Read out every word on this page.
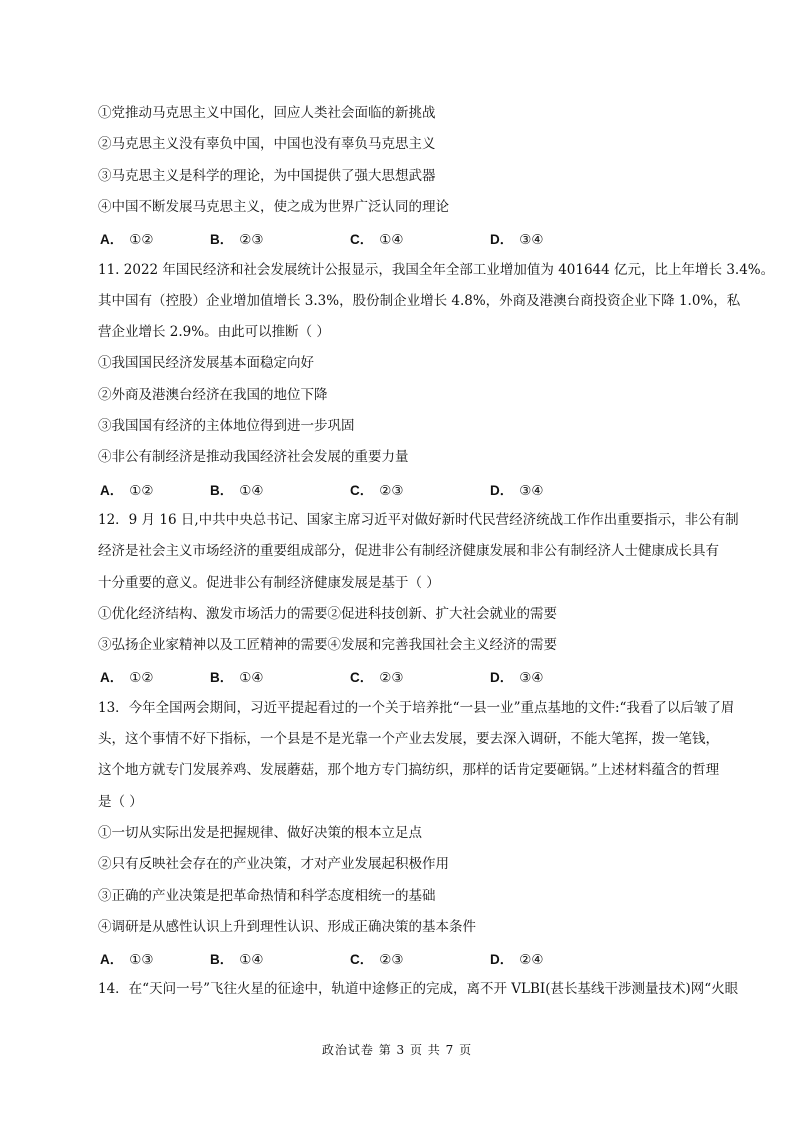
①党推动马克思主义中国化，回应人类社会面临的新挑战
②马克思主义没有辜负中国，中国也没有辜负马克思主义
③马克思主义是科学的理论，为中国提供了强大思想武器
④中国不断发展马克思主义，使之成为世界广泛认同的理论
A． ①②	B． ②③	C． ①④	D． ③④
11. 2022 年国民经济和社会发展统计公报显示，我国全年全部工业增加值为 401644 亿元，比上年增长 3.4%。
其中国有（控股）企业增加值增长 3.3%，股份制企业增长 4.8%，外商及港澳台商投资企业下降 1.0%，私
营企业增长 2.9%。由此可以推断（ ）
①我国国民经济发展基本面稳定向好
②外商及港澳台经济在我国的地位下降
③我国国有经济的主体地位得到进一步巩固
④非公有制经济是推动我国经济社会发展的重要力量
A． ①②	B． ①④	C． ②③	D． ③④
12．9 月 16 日,中共中央总书记、国家主席习近平对做好新时代民营经济统战工作作出重要指示，非公有制
经济是社会主义市场经济的重要组成部分，促进非公有制经济健康发展和非公有制经济人士健康成长具有
十分重要的意义。促进非公有制经济健康发展是基于（ ）
①优化经济结构、激发市场活力的需要②促进科技创新、扩大社会就业的需要
③弘扬企业家精神以及工匠精神的需要④发展和完善我国社会主义经济的需要
A． ①②	B． ①④	C． ②③	D． ③④
13．今年全国两会期间，习近平提起看过的一个关于培养批“一县一业”重点基地的文件:“我看了以后皱了眉
头，这个事情不好下指标，一个县是不是光靠一个产业去发展，要去深入调研，不能大笔挥，拨一笔钱，
这个地方就专门发展养鸡、发展蘑菇，那个地方专门搞纺织，那样的话肯定要砸锅。”上述材料蕴含的哲理
是（ ）
①一切从实际出发是把握规律、做好决策的根本立足点
②只有反映社会存在的产业决策，才对产业发展起积极作用
③正确的产业决策是把革命热情和科学态度相统一的基础
④调研是从感性认识上升到理性认识、形成正确决策的基本条件
A． ①③	B． ①④	C． ②③	D． ②④
14．在“天问一号”飞往火星的征途中，轨道中途修正的完成，离不开 VLBI(甚长基线干涉测量技术)网“火眼
政治试卷 第 3 页 共 7 页
